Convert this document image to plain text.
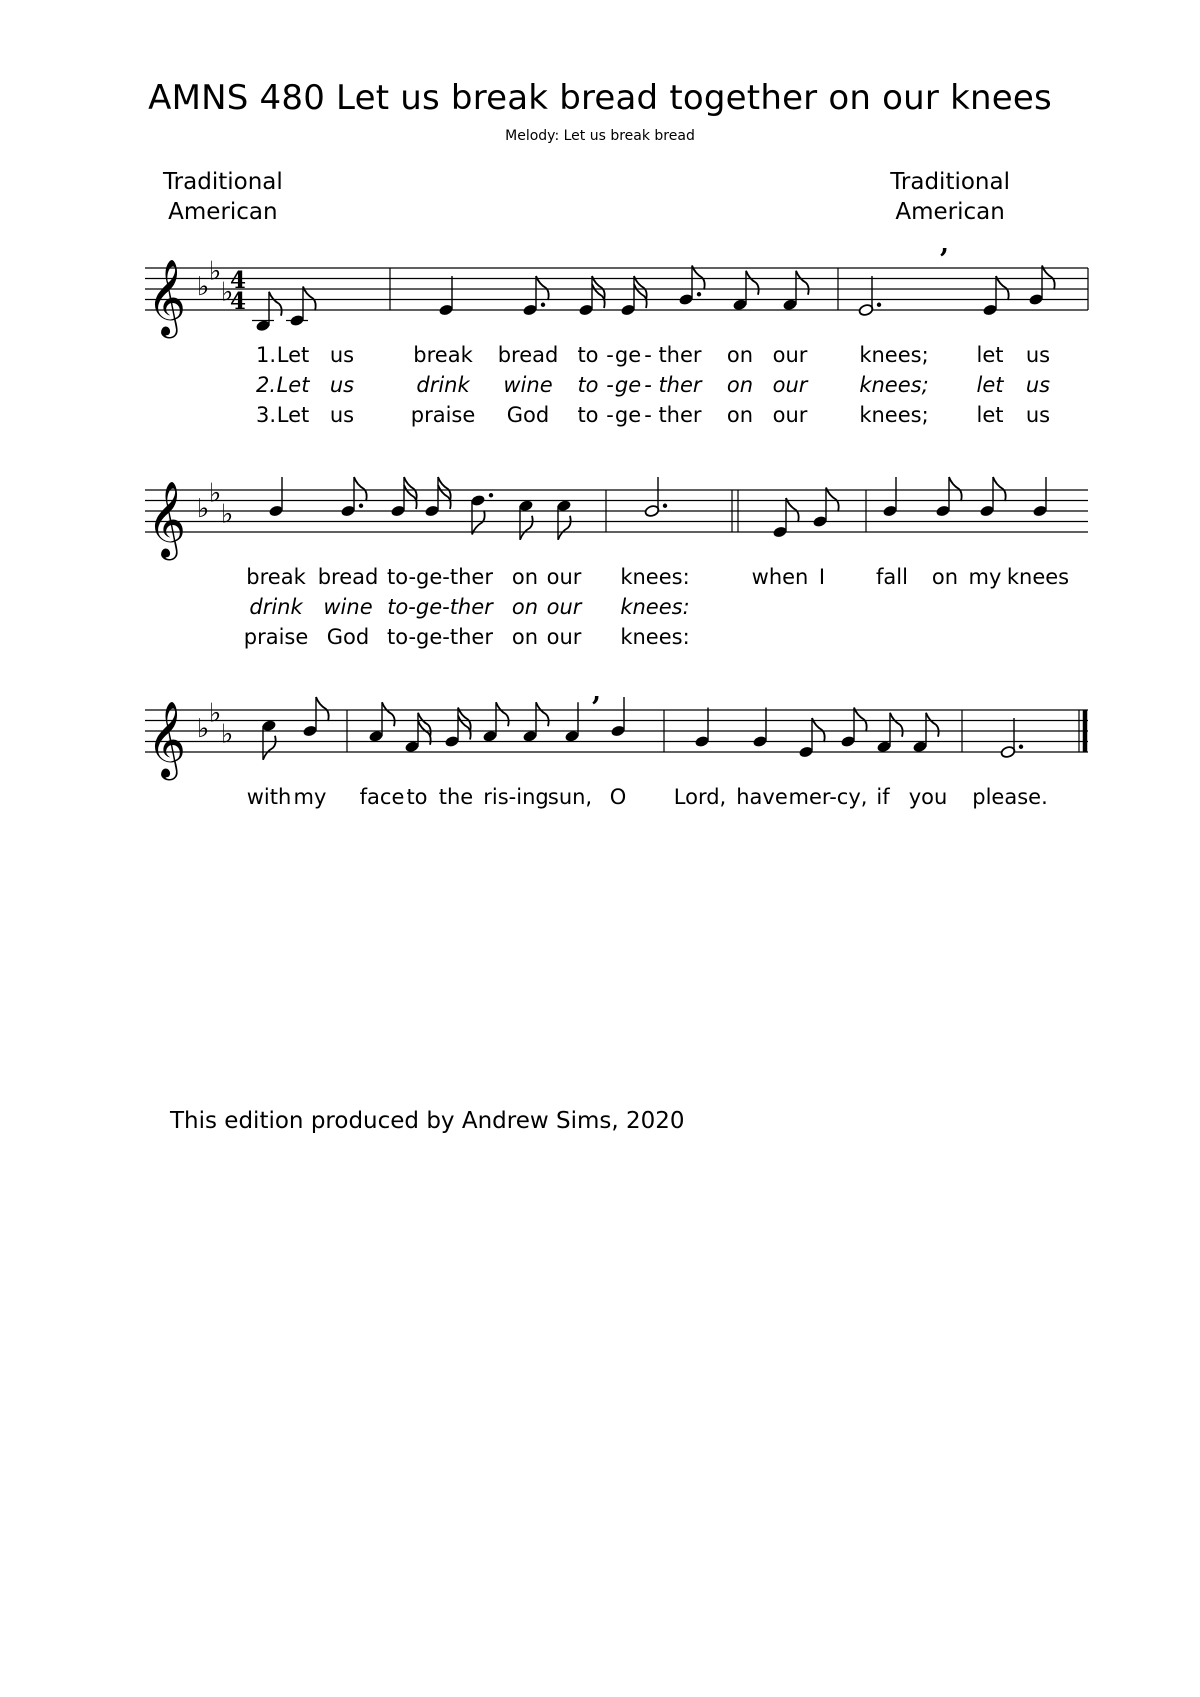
AMNS 480 Let us break bread together on our knees
Melody: Let us break bread
Traditional
American
Traditional
American
𝄞 ♭
♭
♭
𝄞 ♭
♭
♭
𝄞 ♭
♭
♭
4
4
,
,
1. Let us	break bread to - ge - ther on our knees; let us
2. Let us	drink wine to - ge - ther on our knees; let us
3. Let us	praise God to - ge - ther on our knees; let us
break bread to-ge-ther on our knees:	when I fall on my knees
drink wine to-ge-ther on our knees:
praise God to-ge-ther on our knees:
with my face to the ris-ing sun, O Lord, have mer-cy, if you please.
This edition produced by Andrew Sims, 2020
